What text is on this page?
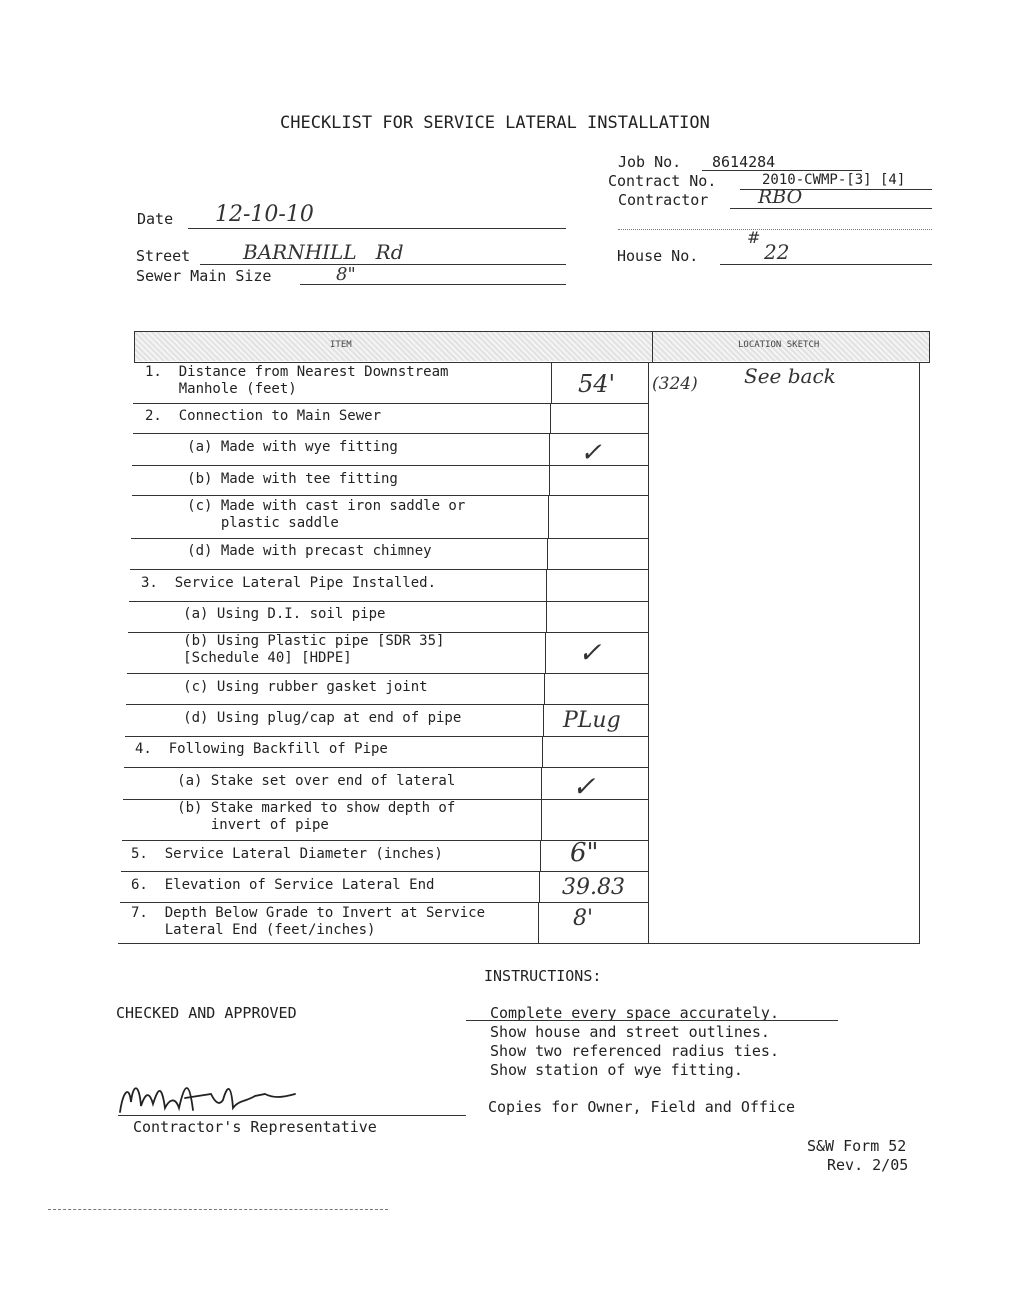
CHECKLIST FOR SERVICE LATERAL INSTALLATION
Job No. 8614284
Contract No.	2010-CWMP-[3] [4]
Contractor	RBO
Date 12-10-10
Street	BARNHILL   Rd
Sewer Main Size	8"
House No.
#
22
ITEM	LOCATION SKETCH
1.  Distance from Nearest Downstream
Manhole (feet)	54'
2.  Connection to Main Sewer
(a) Made with wye fitting	✓
(b) Made with tee fitting
(c) Made with cast iron saddle or
plastic saddle
(d) Made with precast chimney
3.  Service Lateral Pipe Installed.
(a) Using D.I. soil pipe
(b) Using Plastic pipe [SDR 35]
[Schedule 40] [HDPE]	✓
(c) Using rubber gasket joint
(d) Using plug/cap at end of pipe	PLug
4.  Following Backfill of Pipe
(a) Stake set over end of lateral	✓
(b) Stake marked to show depth of
invert of pipe
5.  Service Lateral Diameter (inches)	6"
6.  Elevation of Service Lateral End	39.83
7.  Depth Below Grade to Invert at Service
Lateral End (feet/inches)	8'
(324) See back
CHECKED AND APPROVED
Contractor's Representative
INSTRUCTIONS:
Complete every space accurately.
Show house and street outlines.
Show two referenced radius ties.
Show station of wye fitting.
Copies for Owner, Field and Office
S&W Form 52
Rev. 2/05
